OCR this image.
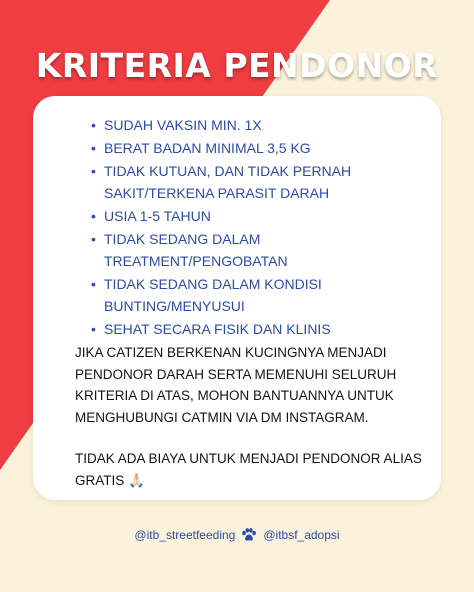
KRITERIA PENDONOR
• SUDAH VAKSIN MIN. 1X
• BERAT BADAN MINIMAL 3,5 KG
• TIDAK KUTUAN, DAN TIDAK PERNAH SAKIT/TERKENA PARASIT DARAH
• USIA 1-5 TAHUN
• TIDAK SEDANG DALAM TREATMENT/PENGOBATAN
• TIDAK SEDANG DALAM KONDISI BUNTING/MENYUSUI
• SEHAT SECARA FISIK DAN KLINIS

JIKA CATIZEN BERKENAN KUCINGNYA MENJADI PENDONOR DARAH SERTA MEMENUHI SELURUH KRITERIA DI ATAS, MOHON BANTUANNYA UNTUK MENGHUBUNGI CATMIN VIA DM INSTAGRAM.

TIDAK ADA BIAYA UNTUK MENJADI PENDONOR ALIAS GRATIS 🙏🏻

@itb_streetfeeding @itbsf_adopsi
